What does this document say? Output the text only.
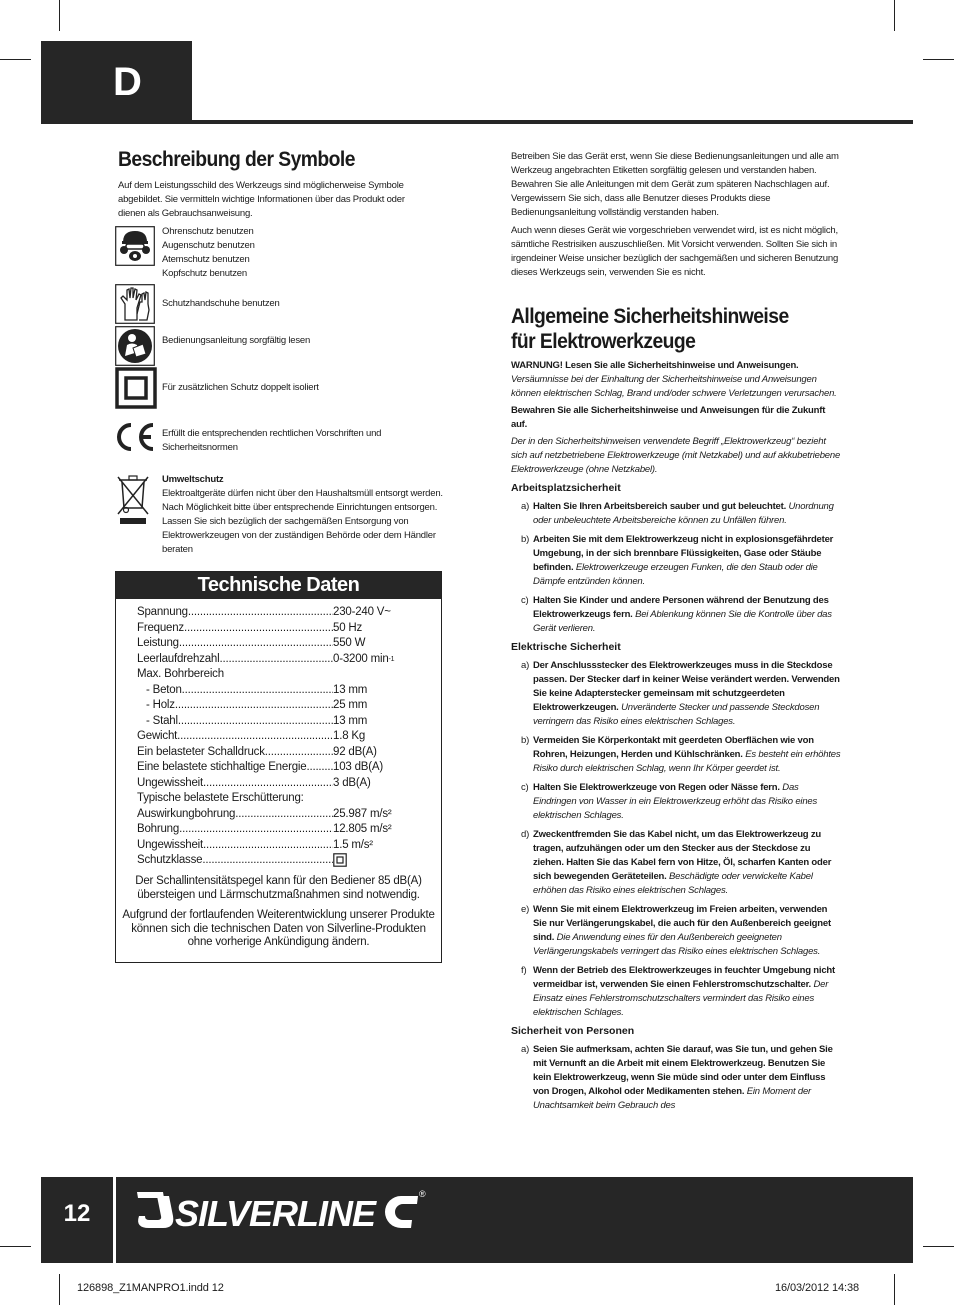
D
Beschreibung der Symbole

Auf dem Leistungsschild des Werkzeugs sind möglicherweise Symbole abgebildet. Sie vermitteln wichtige Informationen über das Produkt oder dienen als Gebrauchsanweisung.

Ohrenschutz benutzen
Augenschutz benutzen
Atemschutz benutzen
Kopfschutz benutzen
Schutzhandschuhe benutzen
Bedienungsanleitung sorgfältig lesen
Für zusätzlichen Schutz doppelt isoliert
Erfüllt die entsprechenden rechtlichen Vorschriften und Sicherheitsnormen
Umweltschutz
Elektroaltgeräte dürfen nicht über den Haushaltsmüll entsorgt werden. Nach Möglichkeit bitte über entsprechende Einrichtungen entsorgen. Lassen Sie sich bezüglich der sachgemäßen Entsorgung von Elektrowerkzeugen von der zuständigen Behörde oder dem Händler beraten
Technische Daten
Spannung .....	230-240 V~
Frequenz .....	50 Hz
Leistung .....	550 W
Leerlaufdrehzahl .....	0-3200 min -1
Max. Bohrbereich
- Beton .....	13 mm
- Holz .....	25 mm
- Stahl .....	13 mm
Gewicht .....	1.8 Kg
Ein belasteter Schalldruck .....	92 dB(A)
Eine belastete stichhaltige Energie .....	103 dB(A)
Ungewissheit .....	3 dB(A)
Typische belastete Erschütterung:
Auswirkungbohrung .....	25.987 m/s²
Bohrung .....	12.805 m/s²
Ungewissheit .....	1.5 m/s²
Schutzklasse .....
Der Schallintensitätspegel kann für den Bediener 85 dB(A) übersteigen und Lärmschutzmaßnahmen sind notwendig.
Aufgrund der fortlaufenden Weiterentwicklung unserer Produkte können sich die technischen Daten von Silverline-Produkten ohne vorherige Ankündigung ändern.

Betreiben Sie das Gerät erst, wenn Sie diese Bedienungsanleitungen und alle am Werkzeug angebrachten Etiketten sorgfältig gelesen und verstanden haben. Bewahren Sie alle Anleitungen mit dem Gerät zum späteren Nachschlagen auf. Vergewissern Sie sich, dass alle Benutzer dieses Produkts diese Bedienungsanleitung vollständig verstanden haben.

Auch wenn dieses Gerät wie vorgeschrieben verwendet wird, ist es nicht möglich, sämtliche Restrisiken auszuschließen. Mit Vorsicht verwenden. Sollten Sie sich in irgendeiner Weise unsicher bezüglich der sachgemäßen und sicheren Benutzung dieses Werkzeugs sein, verwenden Sie es nicht.

Allgemeine Sicherheitshinweise für Elektrowerkzeuge

WARNUNG! Lesen Sie alle Sicherheitshinweise und Anweisungen.

Versäumnisse bei der Einhaltung der Sicherheitshinweise und Anweisungen können elektrischen Schlag, Brand und/oder schwere Verletzungen verursachen.

Bewahren Sie alle Sicherheitshinweise und Anweisungen für die Zukunft auf.

Der in den Sicherheitshinweisen verwendete Begriff „Elektrowerkzeug“ bezieht sich auf netzbetriebene Elektrowerkzeuge (mit Netzkabel) und auf akkubetriebene Elektrowerkzeuge (ohne Netzkabel).

Arbeitsplatzsicherheit
a) Halten Sie Ihren Arbeitsbereich sauber und gut beleuchtet. Unordnung oder unbeleuchtete Arbeitsbereiche können zu Unfällen führen.
b) Arbeiten Sie mit dem Elektrowerkzeug nicht in explosionsgefährdeter Umgebung, in der sich brennbare Flüssigkeiten, Gase oder Stäube befinden. Elektrowerkzeuge erzeugen Funken, die den Staub oder die Dämpfe entzünden können.
c) Halten Sie Kinder und andere Personen während der Benutzung des Elektrowerkzeugs fern. Bei Ablenkung können Sie die Kontrolle über das Gerät verlieren.
Elektrische Sicherheit
a) Der Anschlussstecker des Elektrowerkzeuges muss in die Steckdose passen. Der Stecker darf in keiner Weise verändert werden. Verwenden Sie keine Adapterstecker gemeinsam mit schutzgeerdeten Elektrowerkzeugen. Unveränderte Stecker und passende Steckdosen verringern das Risiko eines elektrischen Schlages.
b) Vermeiden Sie Körperkontakt mit geerdeten Oberflächen wie von Rohren, Heizungen, Herden und Kühlschränken. Es besteht ein erhöhtes Risiko durch elektrischen Schlag, wenn Ihr Körper geerdet ist.
c) Halten Sie Elektrowerkzeuge von Regen oder Nässe fern. Das Eindringen von Wasser in ein Elektrowerkzeug erhöht das Risiko eines elektrischen Schlages.
d) Zweckentfremden Sie das Kabel nicht, um das Elektrowerkzeug zu tragen, aufzuhängen oder um den Stecker aus der Steckdose zu ziehen. Halten Sie das Kabel fern von Hitze, Öl, scharfen Kanten oder sich bewegenden Geräteteilen. Beschädigte oder verwickelte Kabel erhöhen das Risiko eines elektrischen Schlages.
e) Wenn Sie mit einem Elektrowerkzeug im Freien arbeiten, verwenden Sie nur Verlängerungskabel, die auch für den Außenbereich geeignet sind. Die Anwendung eines für den Außenbereich geeigneten Verlängerungskabels verringert das Risiko eines elektrischen Schlages.
f) Wenn der Betrieb des Elektrowerkzeuges in feuchter Umgebung nicht vermeidbar ist, verwenden Sie einen Fehlerstromschutzschalter. Der Einsatz eines Fehlerstromschutzschalters vermindert das Risiko eines elektrischen Schlages.
Sicherheit von Personen
a) Seien Sie aufmerksam, achten Sie darauf, was Sie tun, und gehen Sie mit Vernunft an die Arbeit mit einem Elektrowerkzeug. Benutzen Sie kein Elektrowerkzeug, wenn Sie müde sind oder unter dem Einfluss von Drogen, Alkohol oder Medikamenten stehen. Ein Moment der Unachtsamkeit beim Gebrauch des
12	SILVERLINE	®
126898_Z1MANPRO1.indd 12	16/03/2012 14:38
